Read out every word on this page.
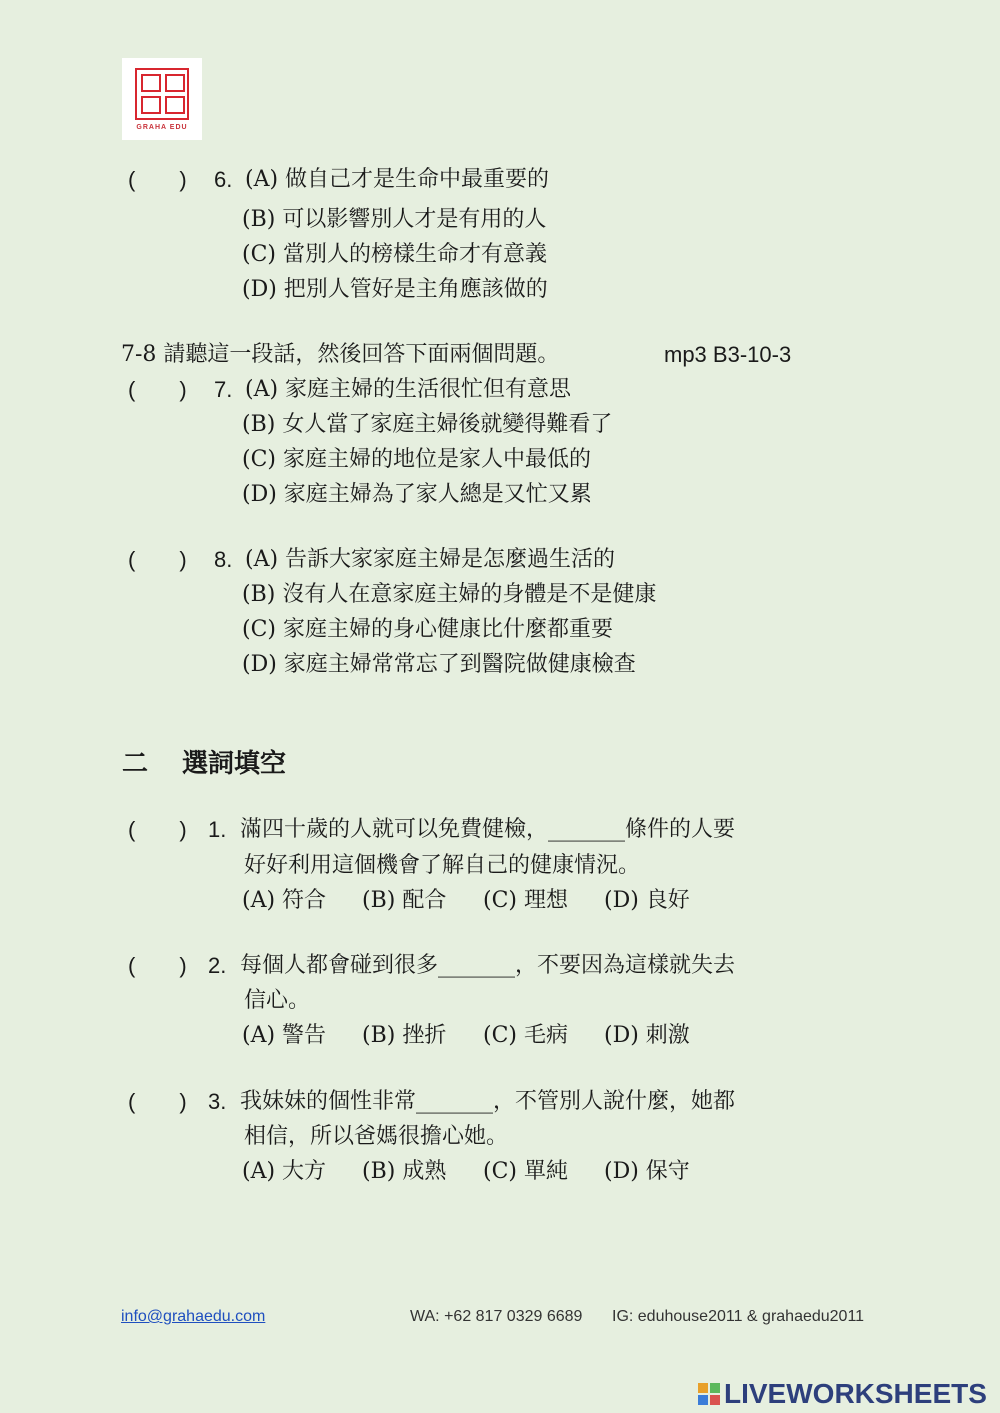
GRAHA EDU
(　　) 6. (A) 做自己才是生命中最重要的
(B) 可以影響別人才是有用的人
(C) 當別人的榜樣生命才有意義
(D) 把別人管好是主角應該做的
7-8 請聽這一段話，然後回答下面兩個問題。	mp3 B3-10-3
(　　) 7. (A) 家庭主婦的生活很忙但有意思
(B) 女人當了家庭主婦後就變得難看了
(C) 家庭主婦的地位是家人中最低的
(D) 家庭主婦為了家人總是又忙又累
(　　) 8. (A) 告訴大家家庭主婦是怎麼過生活的
(B) 沒有人在意家庭主婦的身體是不是健康
(C) 家庭主婦的身心健康比什麼都重要
(D) 家庭主婦常常忘了到醫院做健康檢查
二 選詞填空
(　　) 1. 滿四十歲的人就可以免費健檢，_______條件的人要
好好利用這個機會了解自己的健康情況。
(A) 符合 (B) 配合 (C) 理想 (D) 良好
(　　) 2. 每個人都會碰到很多_______，不要因為這樣就失去
信心。
(A) 警告 (B) 挫折 (C) 毛病 (D) 刺激
(　　) 3. 我妹妹的個性非常_______，不管別人說什麼，她都
相信，所以爸媽很擔心她。
(A) 大方 (B) 成熟 (C) 單純 (D) 保守
info@grahaedu.com	WA: +62 817 0329 6689 IG: eduhouse2011 & grahaedu2011
LIVEWORKSHEETS
